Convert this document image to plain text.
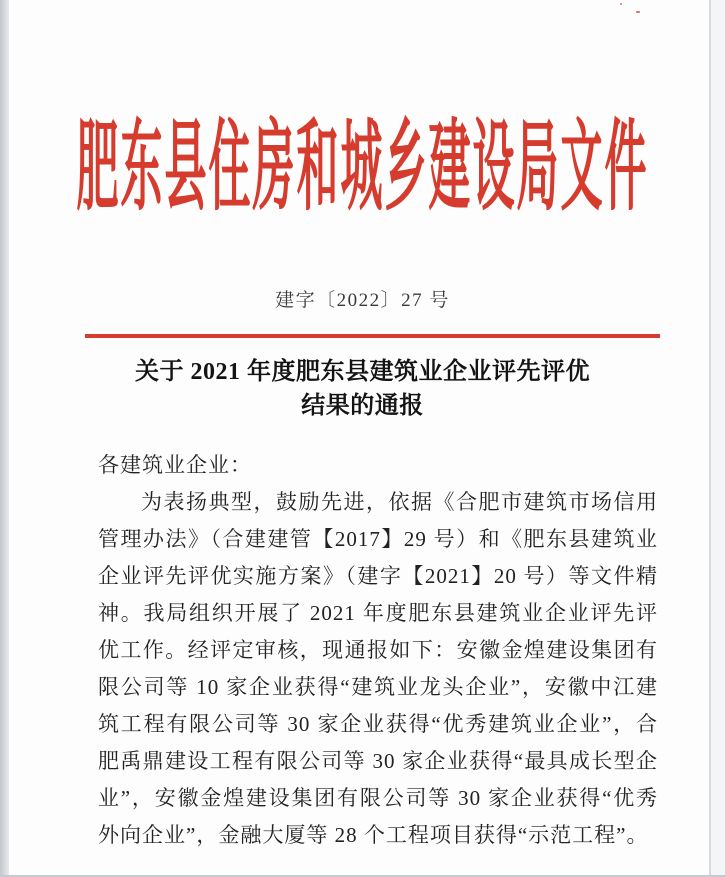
肥东县住房和城乡建设局文件
建字〔2022〕27 号
关于 2021 年度肥东县建筑业企业评先评优
结果的通报

各建筑业企业：

为表扬典型，鼓励先进，依据《合肥市建筑市场信用管理办法》（合建建管【2017】29 号）和《肥东县建筑业企业评先评优实施方案》（建字【2021】20 号）等文件精神。我局组织开展了 2021 年度肥东县建筑业企业评先评优工作。经评定审核，现通报如下：安徽金煌建设集团有限公司等 10 家企业获得“建筑业龙头企业”，安徽中江建筑工程有限公司等 30 家企业获得“优秀建筑业企业”，合肥禹鼎建设工程有限公司等 30 家企业获得“最具成长型企业”，安徽金煌建设集团有限公司等 30 家企业获得“优秀外向企业”，金融大厦等 28 个工程项目获得“示范工程”。
